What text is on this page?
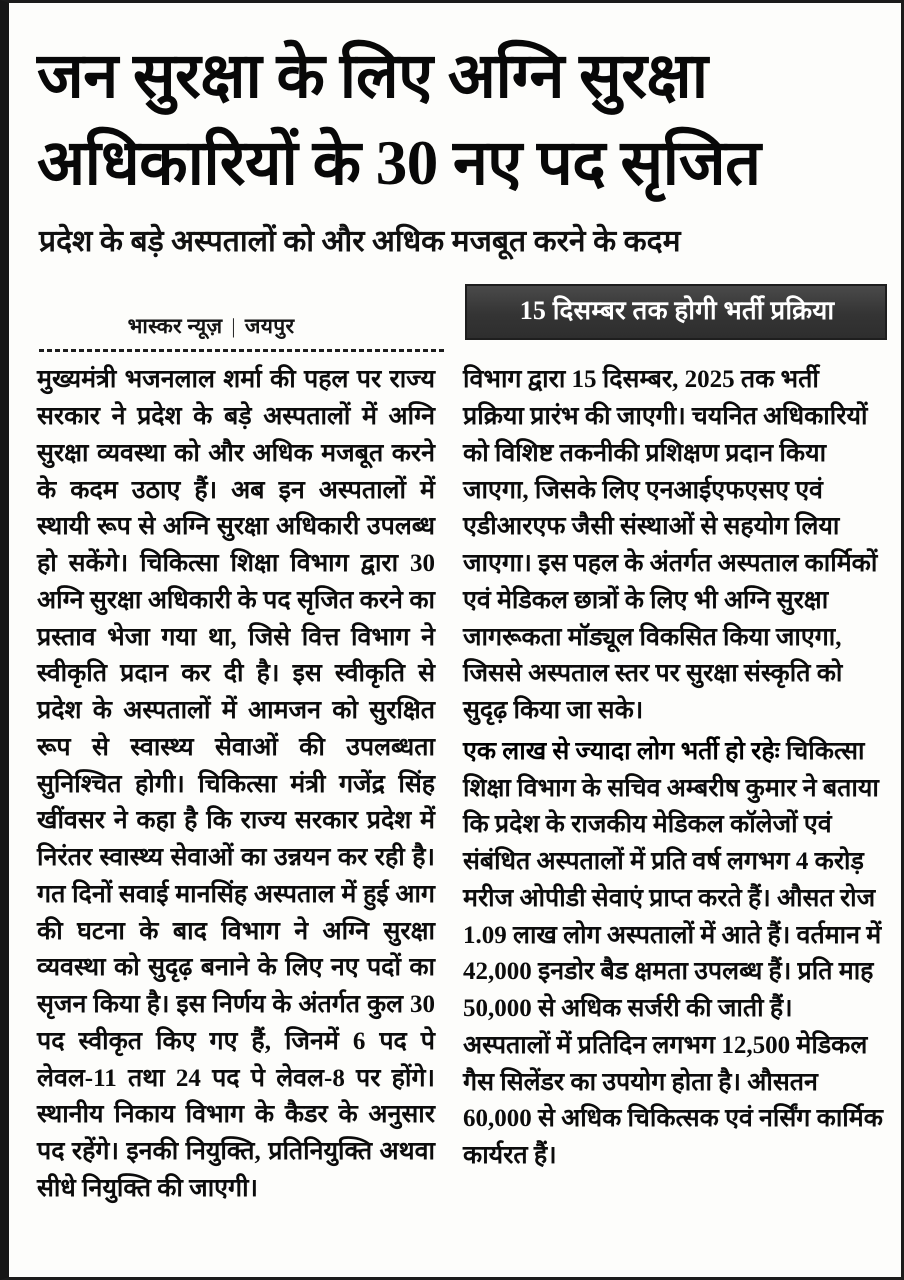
जन सुरक्षा के लिए अग्नि सुरक्षा
अधिकारियों के 30 नए पद सृजित
प्रदेश के बड़े अस्पतालों को और अधिक मजबूत करने के कदम
भास्कर न्यूज़ | जयपुर
15 दिसम्बर तक होगी भर्ती प्रक्रिया

मुख्यमंत्री भजनलाल शर्मा की पहल पर राज्य सरकार ने प्रदेश के बड़े अस्पतालों में अग्नि सुरक्षा व्यवस्था को और अधिक मजबूत करने के कदम उठाए हैं। अब इन अस्पतालों में स्थायी रूप से अग्नि सुरक्षा अधिकारी उपलब्ध हो सकेंगे। चिकित्सा शिक्षा विभाग द्वारा 30 अग्नि सुरक्षा अधिकारी के पद सृजित करने का प्रस्ताव भेजा गया था, जिसे वित्त विभाग ने स्वीकृति प्रदान कर दी है। इस स्वीकृति से प्रदेश के अस्पतालों में आमजन को सुरक्षित रूप से स्वास्थ्य सेवाओं की उपलब्धता सुनिश्चित होगी। चिकित्सा मंत्री गजेंद्र सिंह खींवसर ने कहा है कि राज्य सरकार प्रदेश में निरंतर स्वास्थ्य सेवाओं का उन्नयन कर रही है। गत दिनों सवाई मानसिंह अस्पताल में हुई आग की घटना के बाद विभाग ने अग्नि सुरक्षा व्यवस्था को सुदृढ़ बनाने के लिए नए पदों का सृजन किया है। इस निर्णय के अंतर्गत कुल 30 पद स्वीकृत किए गए हैं, जिनमें 6 पद पे लेवल-11 तथा 24 पद पे लेवल-8 पर होंगे। स्थानीय निकाय विभाग के कैडर के अनुसार पद रहेंगे। इनकी नियुक्ति, प्रतिनियुक्ति अथवा सीधे नियुक्ति की जाएगी।

विभाग द्वारा 15 दिसम्बर, 2025 तक भर्ती प्रक्रिया प्रारंभ की जाएगी। चयनित अधिकारियों को विशिष्ट तकनीकी प्रशिक्षण प्रदान किया जाएगा, जिसके लिए एनआईएफएसए एवं एडीआरएफ जैसी संस्थाओं से सहयोग लिया जाएगा। इस पहल के अंतर्गत अस्पताल कार्मिकों एवं मेडिकल छात्रों के लिए भी अग्नि सुरक्षा जागरूकता मॉड्यूल विकसित किया जाएगा, जिससे अस्पताल स्तर पर सुरक्षा संस्कृति को सुदृढ़ किया जा सके।

एक लाख से ज्यादा लोग भर्ती हो रहेः चिकित्सा शिक्षा विभाग के सचिव अम्बरीष कुमार ने बताया कि प्रदेश के राजकीय मेडिकल कॉलेजों एवं संबंधित अस्पतालों में प्रति वर्ष लगभग 4 करोड़ मरीज ओपीडी सेवाएं प्राप्त करते हैं। औसत रोज 1.09 लाख लोग अस्पतालों में आते हैं। वर्तमान में 42,000 इनडोर बैड क्षमता उपलब्ध हैं। प्रति माह 50,000 से अधिक सर्जरी की जाती हैं। अस्पतालों में प्रतिदिन लगभग 12,500 मेडिकल गैस सिलेंडर का उपयोग होता है। औसतन 60,000 से अधिक चिकित्सक एवं नर्सिंग कार्मिक कार्यरत हैं।
